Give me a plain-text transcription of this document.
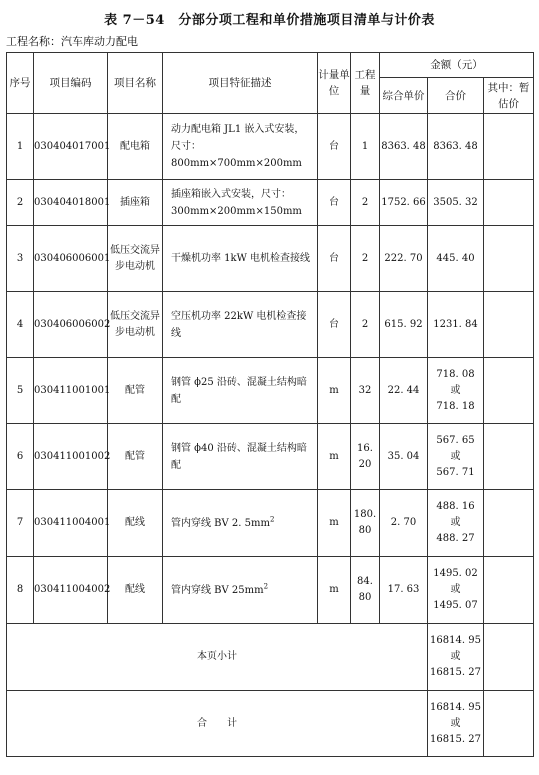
表 7－54　分部分项工程和单价措施项目清单与计价表
工程名称：汽车库动力配电
序号	项目编码	项目名称	项目特征描述	计量单位	工程量	金额（元）		
						综合单价	合价	其中：暂估价
1	030404017001	配电箱	动力配电箱 JL1 嵌入式安装，尺寸：800mm×700mm×200mm	台	1	8363. 48	8363. 48	
2	030404018001	插座箱	插座箱嵌入式安装，尺寸：300mm×200mm×150mm	台	2	1752. 66	3505. 32	
3	030406006001	低压交流异步电动机	干燥机功率 1kW 电机检查接线	台	2	222. 70	445. 40	
4	030406006002	低压交流异步电动机	空压机功率 22kW 电机检查接线	台	2	615. 92	1231. 84	
5	030411001001	配管	钢管 ϕ25 沿砖、混凝土结构暗配	m	32	22. 44	718. 08
或
718. 18	

6	030411001002	配管	钢管 ϕ40 沿砖、混凝土结构暗配	m	16. 20	35. 04	567. 65
或
567. 71	

7	030411004001	配线	管内穿线 BV 2. $5mm^2$	m	180. 80	2. 70	488. 16
或
488. 27	

8	030411004002	配线	管内穿线 BV $25mm^2$	m	84. 80	17. 63	1495. 02
或
1495. 07	

本页小计							16814. 95
或
16815. 27	

合　　计							16814. 95
或
16815. 27	
